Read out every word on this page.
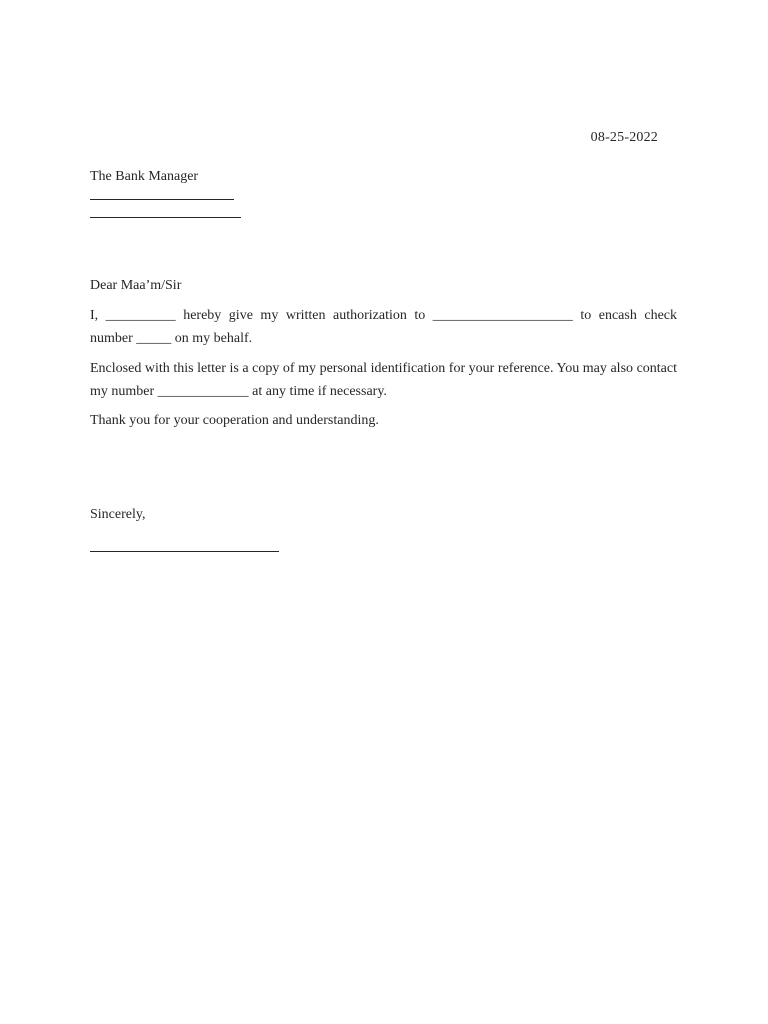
08-25-2022
The Bank Manager
Dear Maa’m/Sir
I, __________ hereby give my written authorization to ____________________ to encash check number _____ on my behalf.
Enclosed with this letter is a copy of my personal identification for your reference. You may also contact my number _____________ at any time if necessary.
Thank you for your cooperation and understanding.
Sincerely,
